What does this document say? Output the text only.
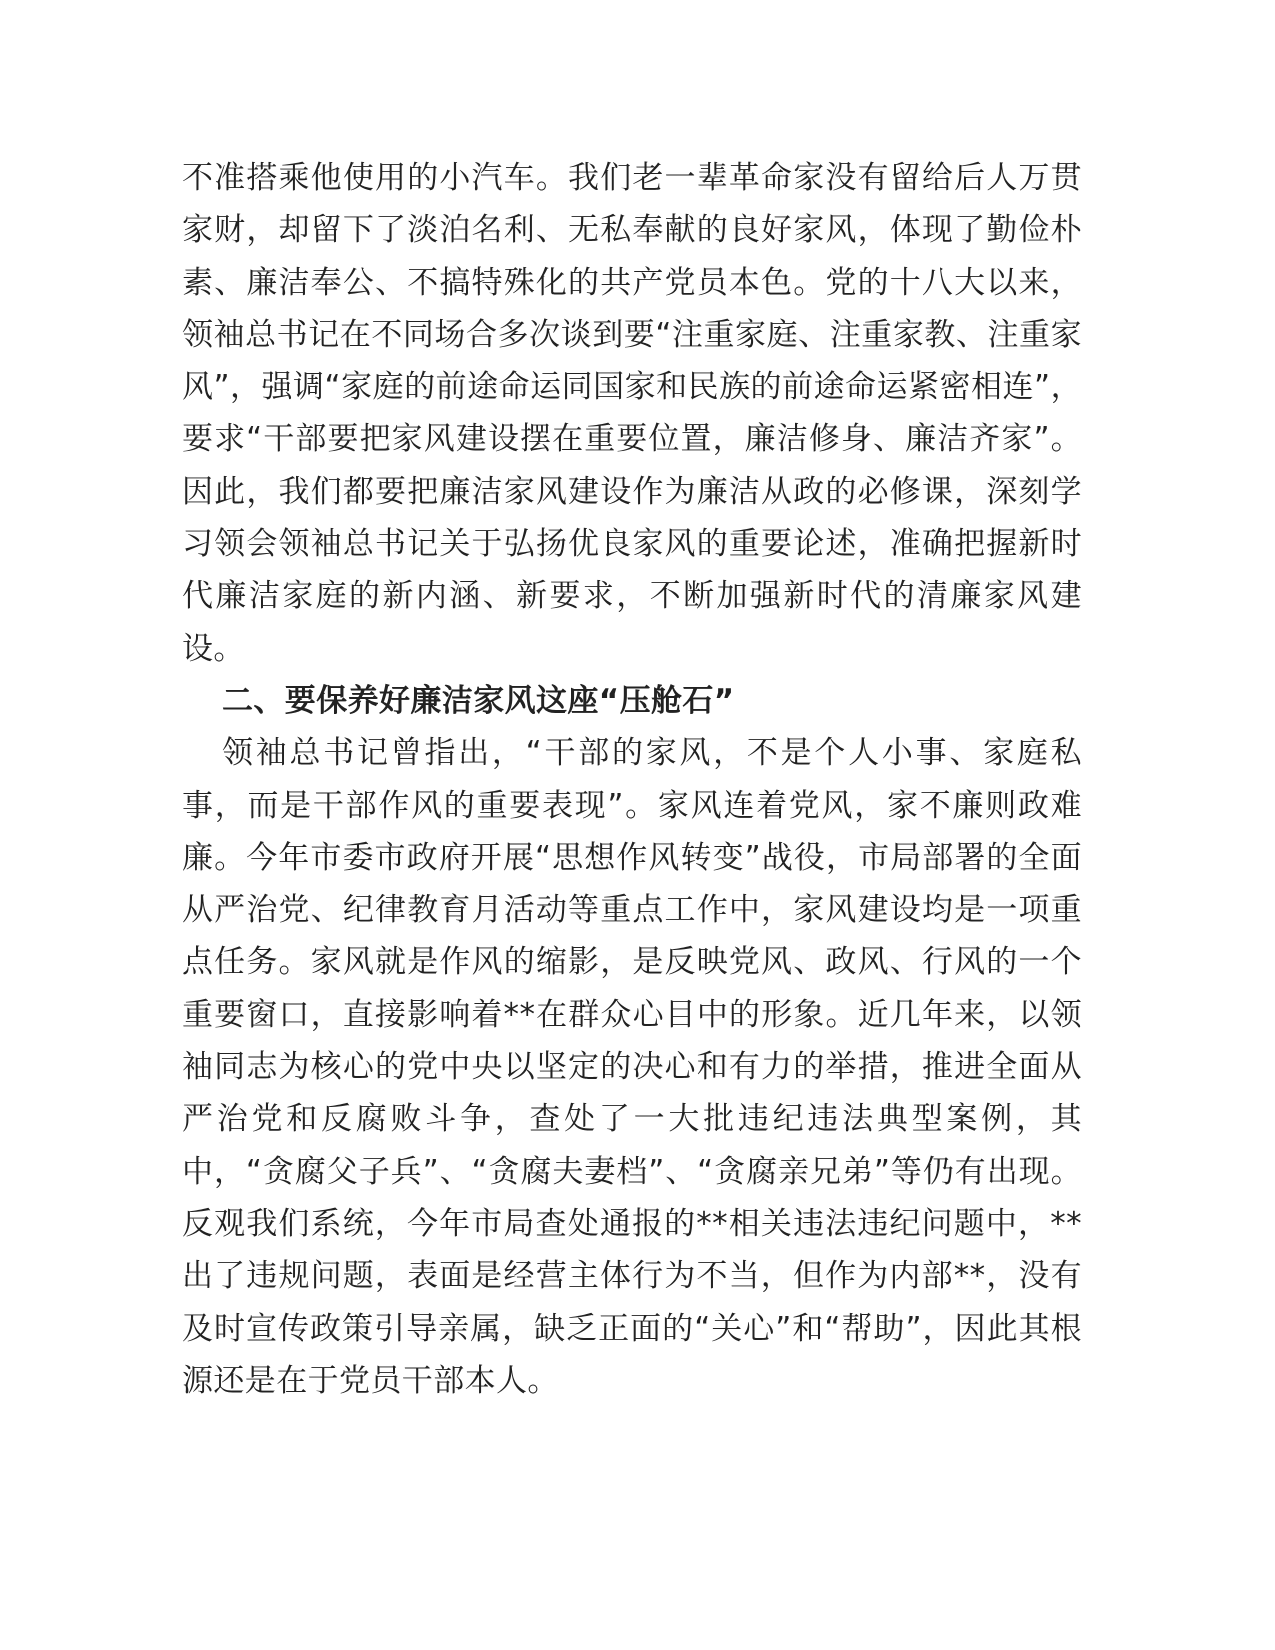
不准搭乘他使用的小汽车。我们老一辈革命家没有留给后人万贯家财，却留下了淡泊名利、无私奉献的良好家风，体现了勤俭朴素、廉洁奉公、不搞特殊化的共产党员本色。党的十八大以来，领袖总书记在不同场合多次谈到要“注重家庭、注重家教、注重家风”，强调“家庭的前途命运同国家和民族的前途命运紧密相连”，要求“干部要把家风建设摆在重要位置，廉洁修身、廉洁齐家”。因此，我们都要把廉洁家风建设作为廉洁从政的必修课，深刻学习领会领袖总书记关于弘扬优良家风的重要论述，准确把握新时代廉洁家庭的新内涵、新要求，不断加强新时代的清廉家风建设。

二、要保养好廉洁家风这座“压舱石”

领袖总书记曾指出，“干部的家风，不是个人小事、家庭私事，而是干部作风的重要表现”。家风连着党风，家不廉则政难廉。今年市委市政府开展“思想作风转变”战役，市局部署的全面从严治党、纪律教育月活动等重点工作中，家风建设均是一项重点任务。家风就是作风的缩影，是反映党风、政风、行风的一个重要窗口，直接影响着**在群众心目中的形象。近几年来，以领袖同志为核心的党中央以坚定的决心和有力的举措，推进全面从严治党和反腐败斗争，查处了一大批违纪违法典型案例，其中，“贪腐父子兵”、“贪腐夫妻档”、“贪腐亲兄弟”等仍有出现。反观我们系统，今年市局查处通报的**相关违法违纪问题中，**出了违规问题，表面是经营主体行为不当，但作为内部**，没有及时宣传政策引导亲属，缺乏正面的“关心”和“帮助”，因此其根源还是在于党员干部本人。
